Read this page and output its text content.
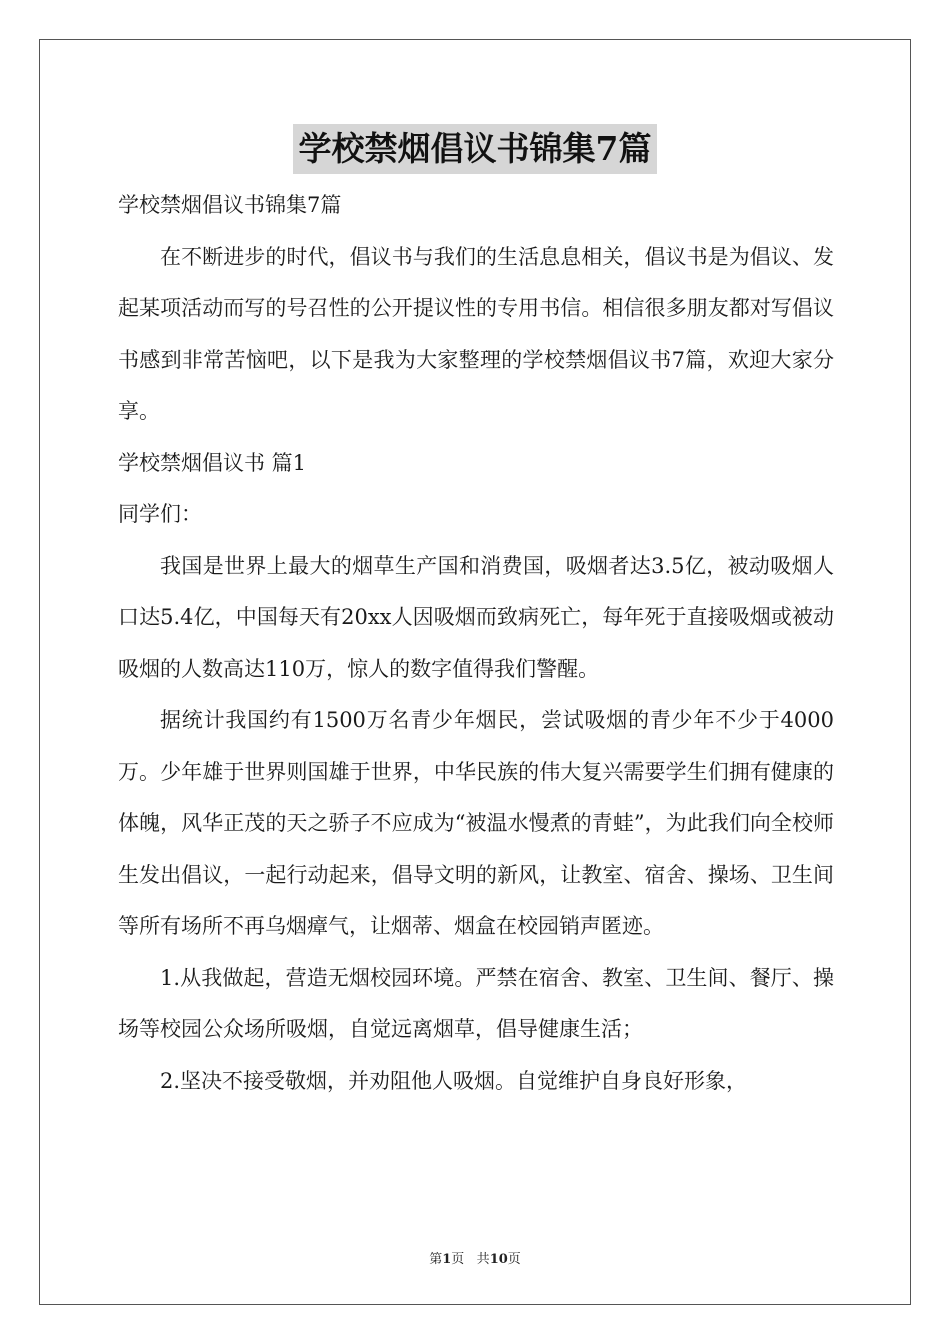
学校禁烟倡议书锦集7篇

学校禁烟倡议书锦集7篇

在不断进步的时代，倡议书与我们的生活息息相关，倡议书是为倡议、发起某项活动而写的号召性的公开提议性的专用书信。相信很多朋友都对写倡议书感到非常苦恼吧，以下是我为大家整理的学校禁烟倡议书7篇，欢迎大家分享。

学校禁烟倡议书 篇1

同学们：

我国是世界上最大的烟草生产国和消费国，吸烟者达3.5亿，被动吸烟人口达5.4亿，中国每天有20xx人因吸烟而致病死亡，每年死于直接吸烟或被动吸烟的人数高达110万，惊人的数字值得我们警醒。

据统计我国约有1500万名青少年烟民，尝试吸烟的青少年不少于4000万。少年雄于世界则国雄于世界，中华民族的伟大复兴需要学生们拥有健康的体魄，风华正茂的天之骄子不应成为“被温水慢煮的青蛙”，为此我们向全校师生发出倡议，一起行动起来，倡导文明的新风，让教室、宿舍、操场、卫生间等所有场所不再乌烟瘴气，让烟蒂、烟盒在校园销声匿迹。

1.从我做起，营造无烟校园环境。严禁在宿舍、教室、卫生间、餐厅、操场等校园公众场所吸烟，自觉远离烟草，倡导健康生活；

2.坚决不接受敬烟，并劝阻他人吸烟。自觉维护自身良好形象，

第1页 共10页
